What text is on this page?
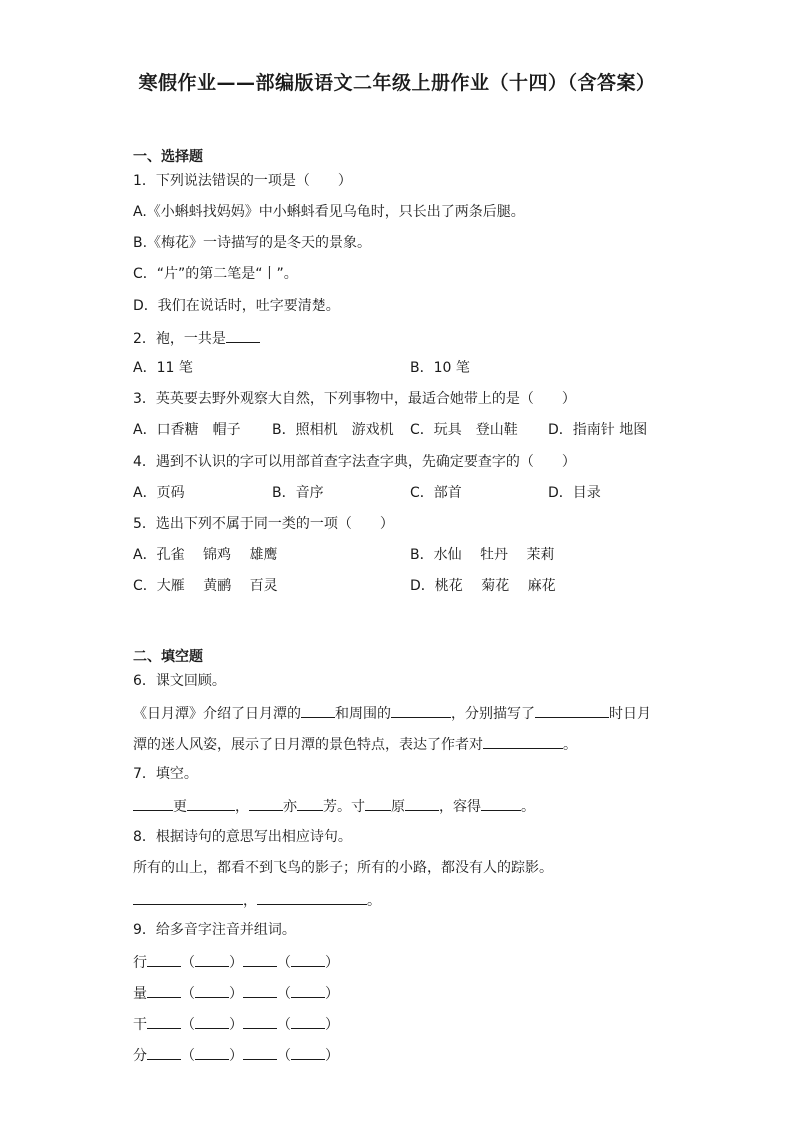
寒假作业——部编版语文二年级上册作业（十四）（含答案）
一、选择题
1．下列说法错误的一项是（　　）
A.《小蝌蚪找妈妈》中小蝌蚪看见乌龟时，只长出了两条后腿。
B.《梅花》一诗描写的是冬天的景象。
C．“片”的第二笔是“丨”。
D．我们在说话时，吐字要清楚。
2．袍，一共是
A．11 笔	B．10 笔
3．英英要去野外观察大自然，下列事物中，最适合她带上的是（　　）
A．口香糖　帽子 B．照相机　游戏机 C．玩具　登山鞋 D．指南针 地图
4．遇到不认识的字可以用部首查字法查字典，先确定要查字的（　　）
A．页码	B．音序	C．部首	D．目录
5．选出下列不属于同一类的一项（　　）
A．孔雀　 锦鸡　 雄鹰	B．水仙　 牡丹　 茉莉
C．大雁　 黄鹂　 百灵	D．桃花　 菊花　 麻花
二、填空题
6．课文回顾。
《日月潭》介绍了日月潭的 和周围的	，分别描写了	时日月
潭的迷人风姿，展示了日月潭的景色特点，表达了作者对	。
7．填空。
更	， 亦 芳。寸 原 ，容得	。
8．根据诗句的意思写出相应诗句。
所有的山上，都看不到飞鸟的影子；所有的小路，都没有人的踪影。
，	。
9．给多音字注音并组词。
行 （ ） （ ）
量 （ ） （ ）
干 （ ） （ ）
分 （ ） （ ）
